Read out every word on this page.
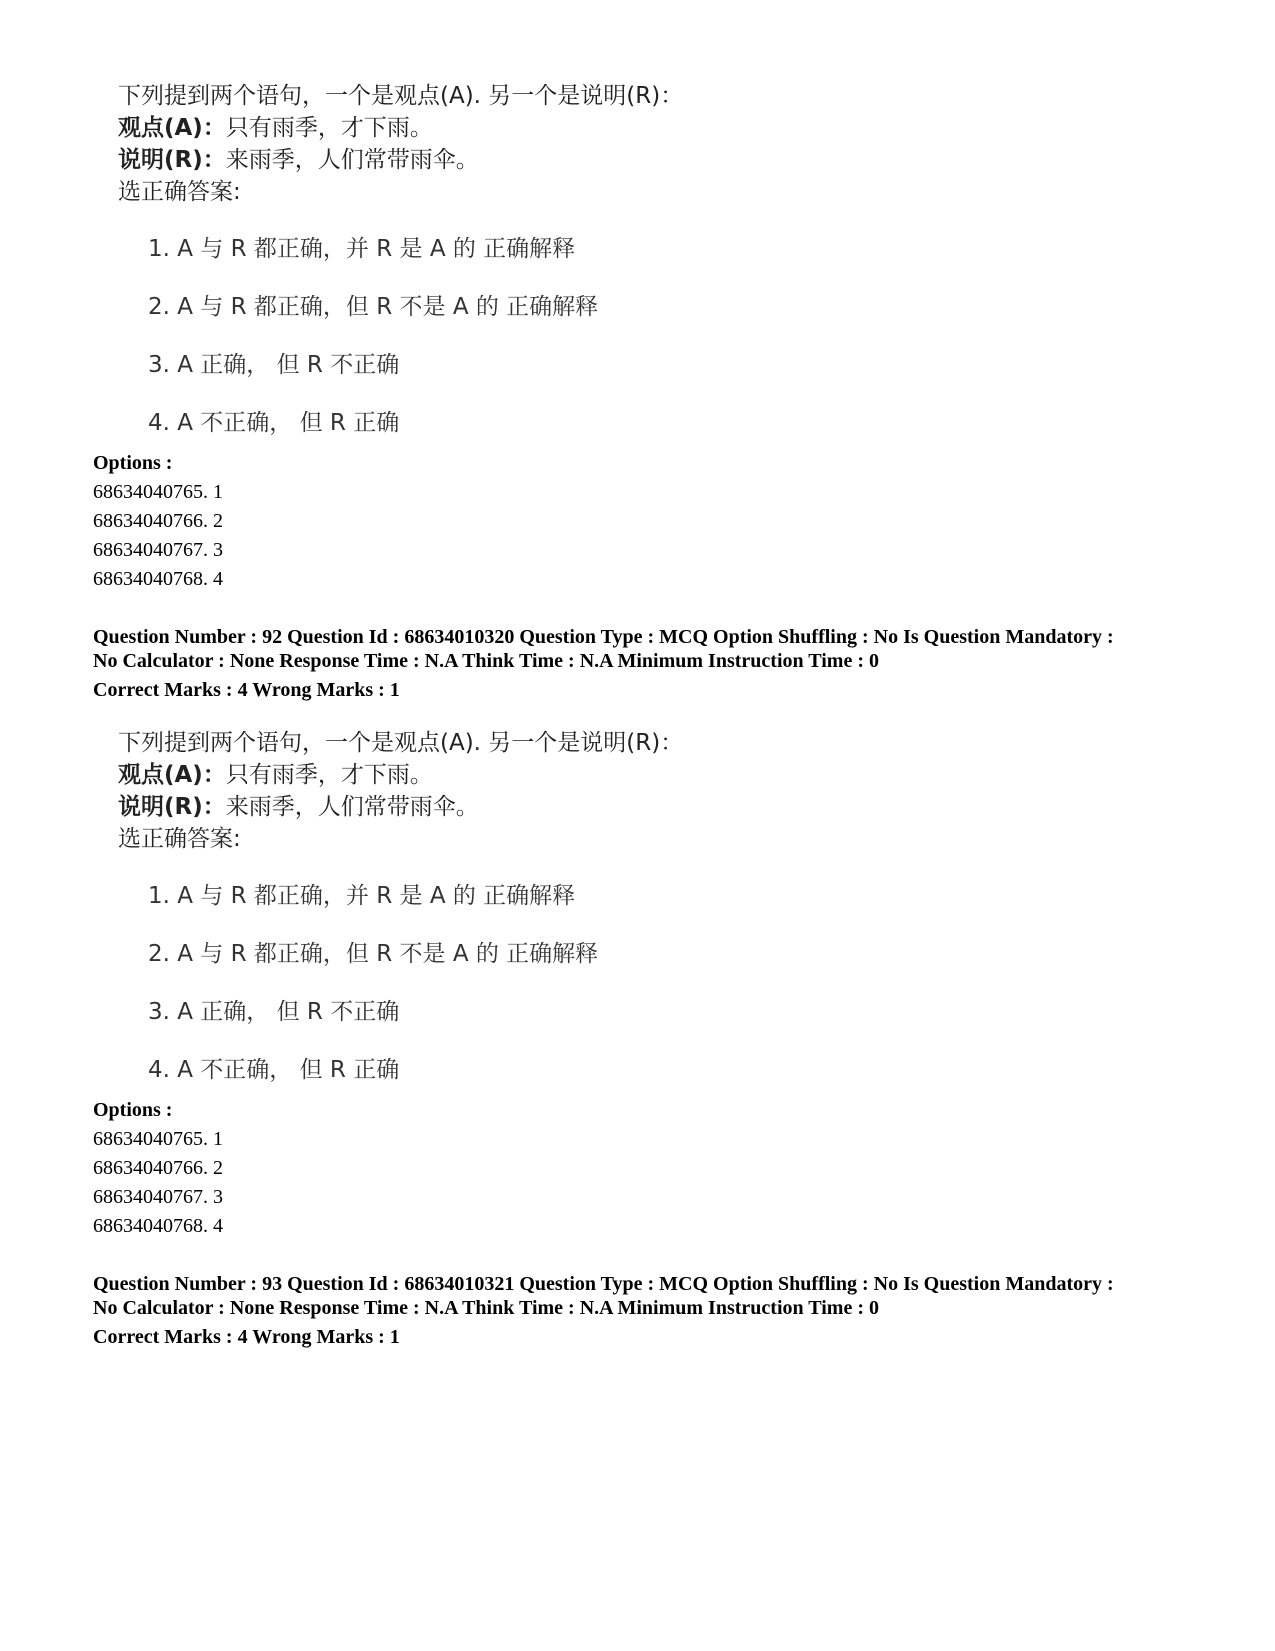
下列提到两个语句，一个是观点(A). 另一个是说明(R)：
观点(A)：只有雨季，才下雨。
说明(R)：来雨季，人们常带雨伞。
选正确答案:
1. A 与 R 都正确，并 R 是 A 的 正确解释
2. A 与 R 都正确，但 R 不是 A 的 正确解释
3. A 正确， 但 R 不正确
4. A 不正确， 但 R 正确
Options :
68634040765. 1
68634040766. 2
68634040767. 3
68634040768. 4
Question Number : 92 Question Id : 68634010320 Question Type : MCQ Option Shuffling : No Is Question Mandatory :
No Calculator : None Response Time : N.A Think Time : N.A Minimum Instruction Time : 0
Correct Marks : 4 Wrong Marks : 1
下列提到两个语句，一个是观点(A). 另一个是说明(R)：
观点(A)：只有雨季，才下雨。
说明(R)：来雨季，人们常带雨伞。
选正确答案:
1. A 与 R 都正确，并 R 是 A 的 正确解释
2. A 与 R 都正确，但 R 不是 A 的 正确解释
3. A 正确， 但 R 不正确
4. A 不正确， 但 R 正确
Options :
68634040765. 1
68634040766. 2
68634040767. 3
68634040768. 4
Question Number : 93 Question Id : 68634010321 Question Type : MCQ Option Shuffling : No Is Question Mandatory :
No Calculator : None Response Time : N.A Think Time : N.A Minimum Instruction Time : 0
Correct Marks : 4 Wrong Marks : 1
